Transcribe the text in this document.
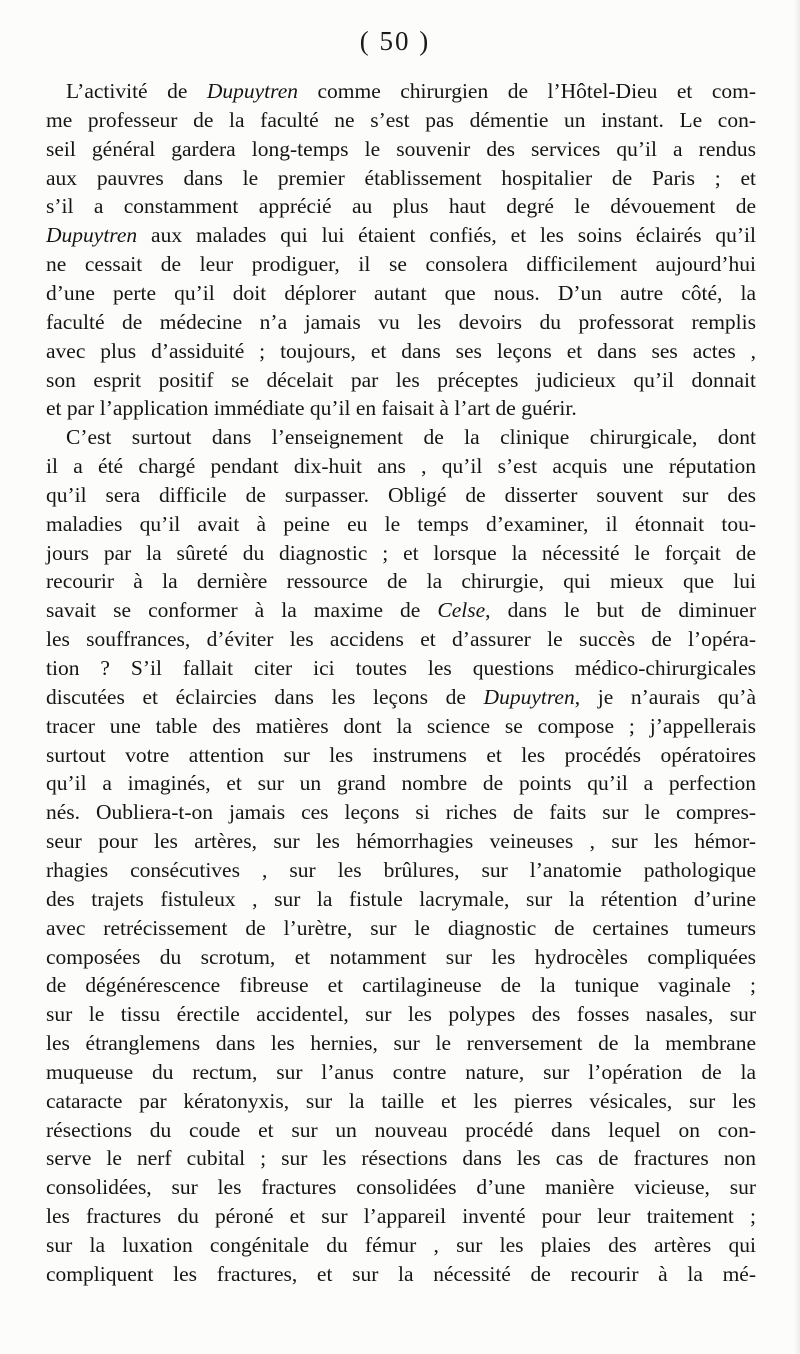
( 50 )
L’activité de Dupuytren comme chirurgien de l’Hôtel-Dieu et com-
me professeur de la faculté ne s’est pas démentie un instant. Le con-
seil général gardera long-temps le souvenir des services qu’il a rendus
aux pauvres dans le premier établissement hospitalier de Paris ; et
s’il a constamment apprécié au plus haut degré le dévouement de
Dupuytren aux malades qui lui étaient confiés, et les soins éclairés qu’il
ne cessait de leur prodiguer, il se consolera difficilement aujourd’hui
d’une perte qu’il doit déplorer autant que nous. D’un autre côté, la
faculté de médecine n’a jamais vu les devoirs du professorat remplis
avec plus d’assiduité ; toujours, et dans ses leçons et dans ses actes ,
son esprit positif se décelait par les préceptes judicieux qu’il donnait
et par l’application immédiate qu’il en faisait à l’art de guérir.
C’est surtout dans l’enseignement de la clinique chirurgicale, dont
il a été chargé pendant dix-huit ans , qu’il s’est acquis une réputation
qu’il sera difficile de surpasser. Obligé de disserter souvent sur des
maladies qu’il avait à peine eu le temps d’examiner, il étonnait tou-
jours par la sûreté du diagnostic ; et lorsque la nécessité le forçait de
recourir à la dernière ressource de la chirurgie, qui mieux que lui
savait se conformer à la maxime de Celse, dans le but de diminuer
les souffrances, d’éviter les accidens et d’assurer le succès de l’opéra-
tion ? S’il fallait citer ici toutes les questions médico-chirurgicales
discutées et éclaircies dans les leçons de Dupuytren, je n’aurais qu’à
tracer une table des matières dont la science se compose ; j’appellerais
surtout votre attention sur les instrumens et les procédés opératoires
qu’il a imaginés, et sur un grand nombre de points qu’il a perfection
nés. Oubliera-t-on jamais ces leçons si riches de faits sur le compres-
seur pour les artères, sur les hémorrhagies veineuses , sur les hémor-
rhagies consécutives , sur les brûlures, sur l’anatomie pathologique
des trajets fistuleux , sur la fistule lacrymale, sur la rétention d’urine
avec retrécissement de l’urètre, sur le diagnostic de certaines tumeurs
composées du scrotum, et notamment sur les hydrocèles compliquées
de dégénérescence fibreuse et cartilagineuse de la tunique vaginale ;
sur le tissu érectile accidentel, sur les polypes des fosses nasales, sur
les étranglemens dans les hernies, sur le renversement de la membrane
muqueuse du rectum, sur l’anus contre nature, sur l’opération de la
cataracte par kératonyxis, sur la taille et les pierres vésicales, sur les
résections du coude et sur un nouveau procédé dans lequel on con-
serve le nerf cubital ; sur les résections dans les cas de fractures non
consolidées, sur les fractures consolidées d’une manière vicieuse, sur
les fractures du péroné et sur l’appareil inventé pour leur traitement ;
sur la luxation congénitale du fémur , sur les plaies des artères qui
compliquent les fractures, et sur la nécessité de recourir à la mé-
